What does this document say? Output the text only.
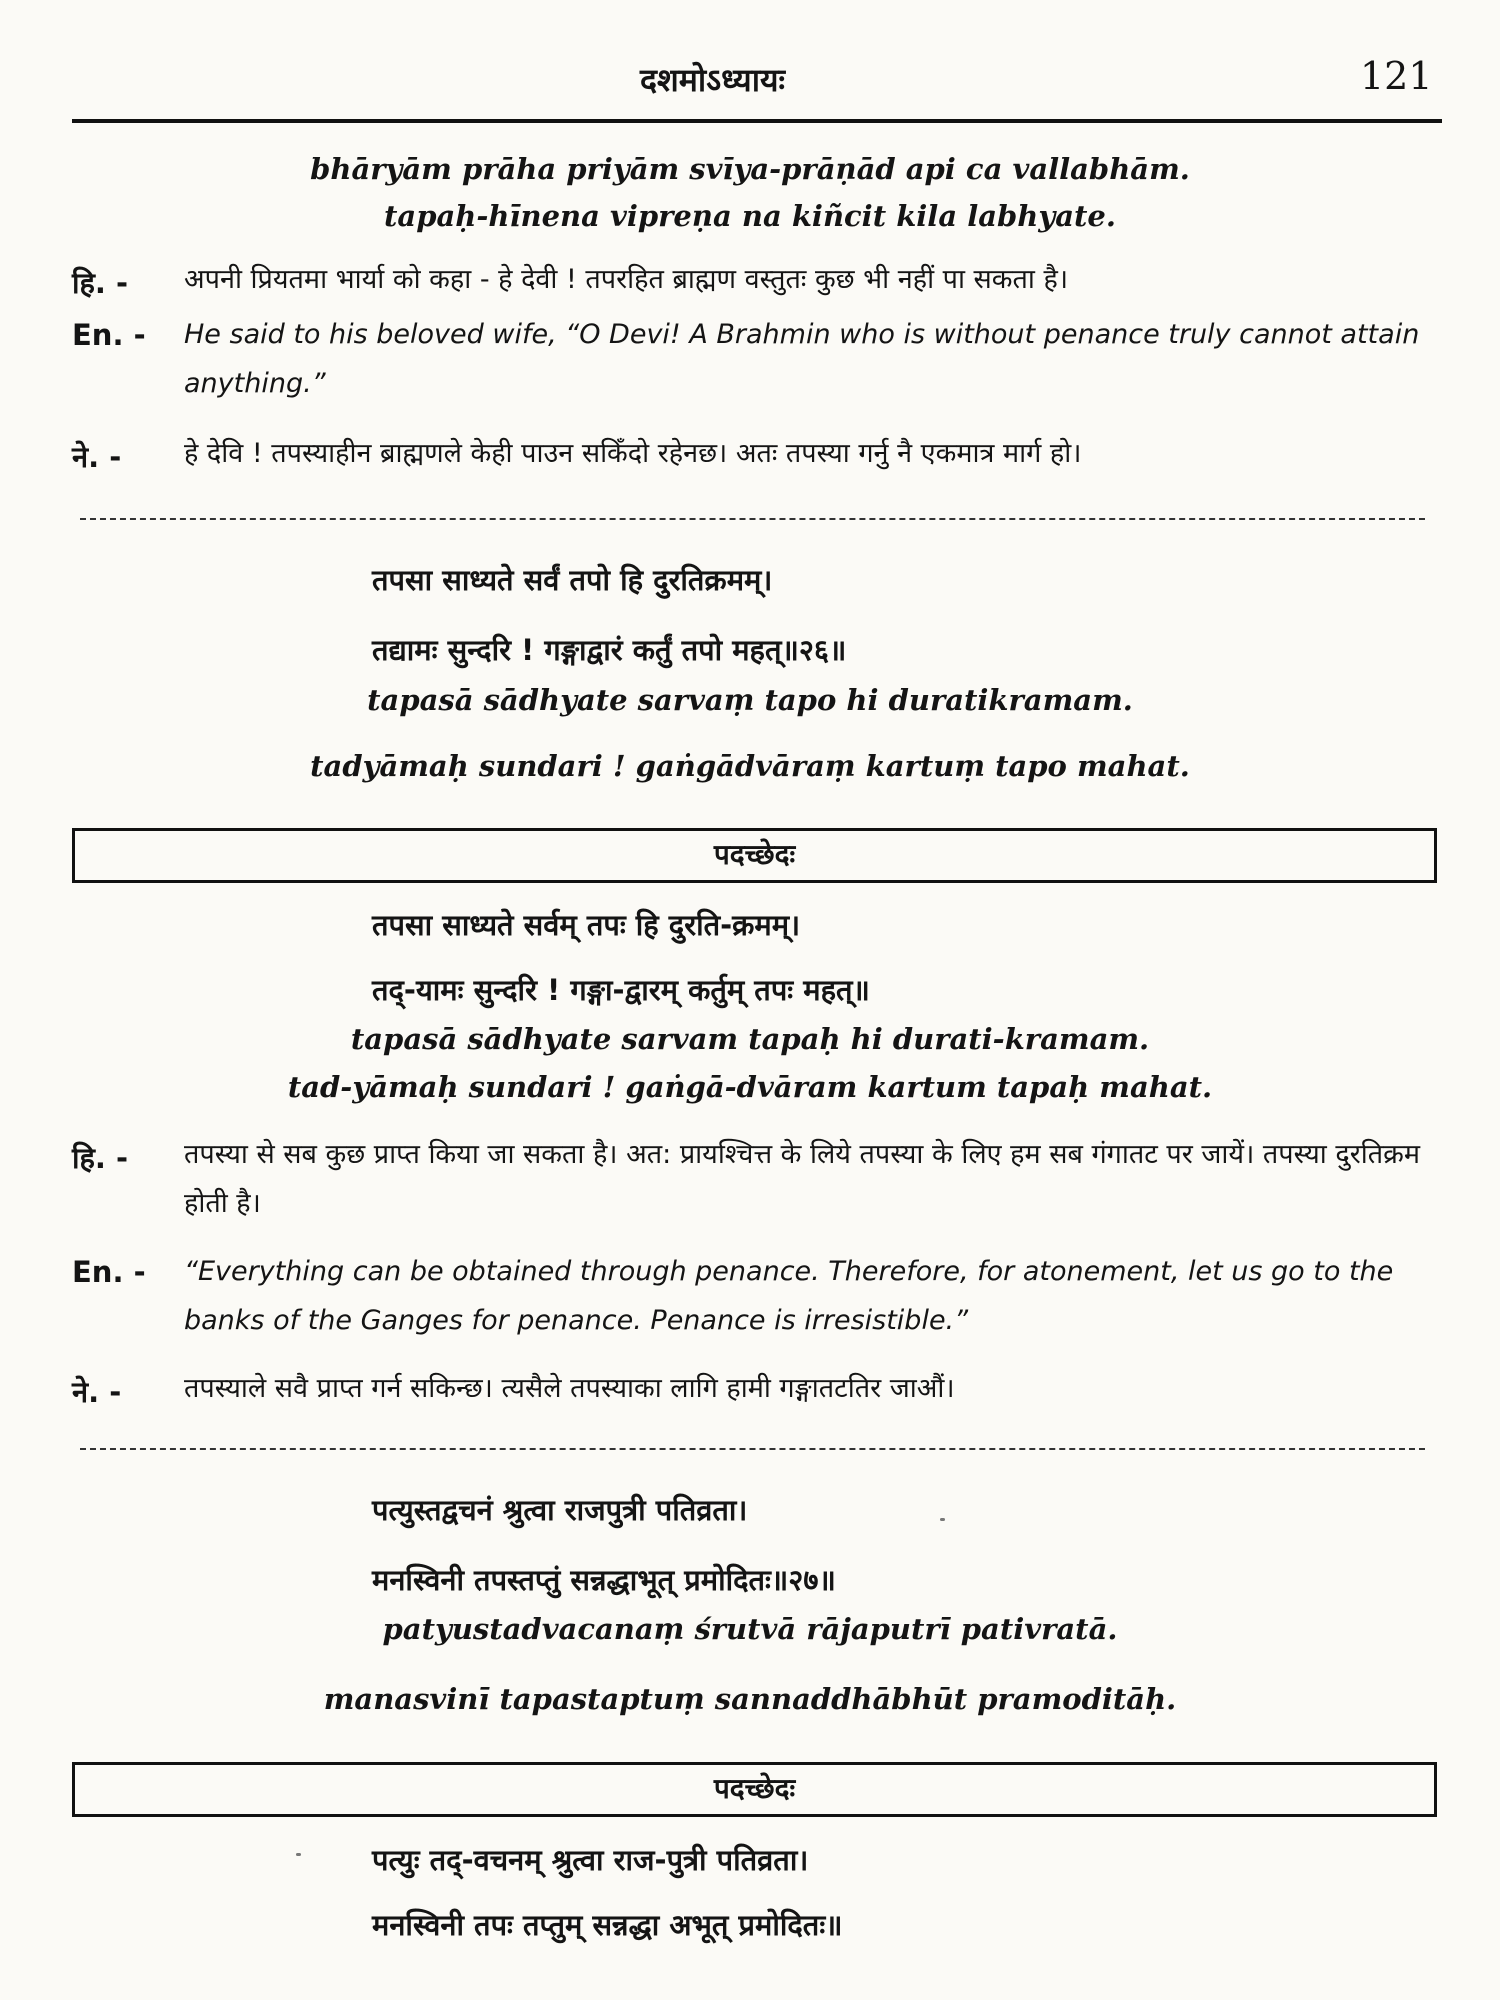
दशमोऽध्यायः	121
bhāryām prāha priyām svīya-prāṇād api ca vallabhām.
tapaḥ-hīnena vipreṇa na kiñcit kila labhyate.
हि. - अपनी प्रियतमा भार्या को कहा - हे देवी ! तपरहित ब्राह्मण वस्तुतः कुछ भी नहीं पा सकता है।
En. - He said to his beloved wife, “O Devi! A Brahmin who is without penance truly cannot attain anything.”
ने. - हे देवि ! तपस्याहीन ब्राह्मणले केही पाउन सकिँदो रहेनछ। अतः तपस्या गर्नु नै एकमात्र मार्ग हो।
तपसा साध्यते सर्वं तपो हि दुरतिक्रमम्।
तद्यामः सुन्दरि ! गङ्गाद्वारं कर्तुं तपो महत्॥२६॥
tapasā sādhyate sarvaṃ tapo hi duratikramam.
tadyāmaḥ sundari ! gaṅgādvāraṃ kartuṃ tapo mahat.
पदच्छेदः
तपसा साध्यते सर्वम् तपः हि दुरति-क्रमम्।
तद्-यामः सुन्दरि ! गङ्गा-द्वारम् कर्तुम् तपः महत्॥
tapasā sādhyate sarvam tapaḥ hi durati-kramam.
tad-yāmaḥ sundari ! gaṅgā-dvāram kartum tapaḥ mahat.
हि. - तपस्या से सब कुछ प्राप्त किया जा सकता है। अत: प्रायश्चित्त के लिये तपस्या के लिए हम सब गंगातट पर जायें। तपस्या दुरतिक्रम होती है।
En. - “Everything can be obtained through penance. Therefore, for atonement, let us go to the banks of the Ganges for penance. Penance is irresistible.”
ने. - तपस्याले सवै प्राप्त गर्न सकिन्छ। त्यसैले तपस्याका लागि हामी गङ्गातटतिर जाऔं।
पत्युस्तद्वचनं श्रुत्वा राजपुत्री पतिव्रता।
मनस्विनी तपस्तप्तुं सन्नद्धाभूत् प्रमोदितः॥२७॥
patyustadvacanaṃ śrutvā rājaputrī pativratā.
manasvinī tapastaptuṃ sannaddhābhūt pramoditāḥ.
पदच्छेदः
पत्युः तद्-वचनम् श्रुत्वा राज-पुत्री पतिव्रता।
मनस्विनी तपः तप्तुम् सन्नद्धा अभूत् प्रमोदितः॥
